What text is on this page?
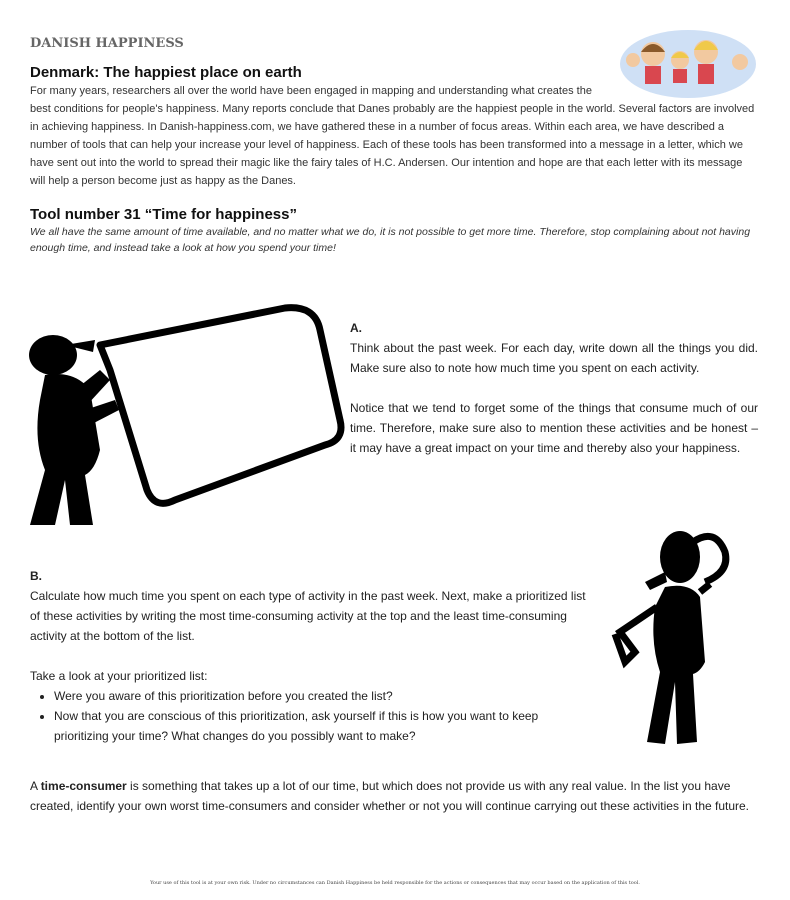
DANISH HAPPINESS
Denmark: The happiest place on earth
For many years, researchers all over the world have been engaged in mapping and understanding what creates the best conditions for people's happiness. Many reports conclude that Danes probably are the happiest people in the world. Several factors are involved in achieving happiness. In Danish-happiness.com, we have gathered these in a number of focus areas. Within each area, we have described a number of tools that can help your increase your level of happiness. Each of these tools has been transformed into a message in a letter, which we have sent out into the world to spread their magic like the fairy tales of H.C. Andersen. Our intention and hope are that each letter with its message will help a person become just as happy as the Danes.
Tool number 31 “Time for happiness”
We all have the same amount of time available, and no matter what we do, it is not possible to get more time. Therefore, stop complaining about not having enough time, and instead take a look at how you spend your time!
A.

Think about the past week. For each day, write down all the things you did. Make sure also to note how much time you spent on each activity.

Notice that we tend to forget some of the things that consume much of our time. Therefore, make sure also to mention these activities and be honest – it may have a great impact on your time and thereby also your happiness.

B.

Calculate how much time you spent on each type of activity in the past week. Next, make a prioritized list of these activities by writing the most time-consuming activity at the top and the least time-consuming activity at the bottom of the list.

Take a look at your prioritized list:
• Were you aware of this prioritization before you created the list?
• Now that you are conscious of this prioritization, ask yourself if this is how you want to keep prioritizing your time? What changes do you possibly want to make?
A time-consumer is something that takes up a lot of our time, but which does not provide us with any real value. In the list you have created, identify your own worst time-consumers and consider whether or not you will continue carrying out these activities in the future.
Your use of this tool is at your own risk. Under no circumstances can Danish Happiness be held responsible for the actions or consequences that may occur based on the application of this tool.
